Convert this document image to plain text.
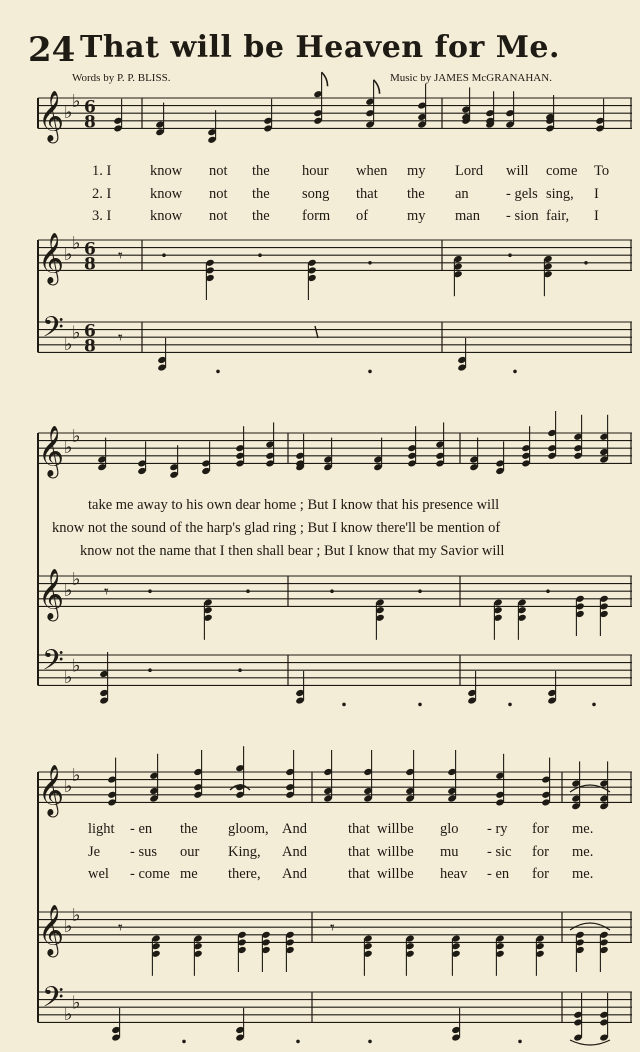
24 That will be Heaven for Me.
Words by P. P. BLISS.	Music by JAMES McGRANAHAN.
𝄞
𝄞
𝄢
♭
♭
♭
♭
♭
♭
6
8
6
8
6
8
𝄾
𝄾
𝄞
𝄞
𝄢
♭
♭
♭
♭
♭
♭
𝄾
𝄞
𝄞
𝄢
♭
♭
♭
♭
♭
♭
𝄾	𝄾
1. I	know not the hour when my Lord will come To
2. I	know not the song that the an	- gels sing, I
3. I	know not the form of	my man - sion fair, I
take me away to his own dear home ; But I know that his presence will
know not the sound of the harp's glad ring ; But I know there'll be mention of
know not the name that I then shall bear ; But I know that my Savior will
light - en the gloom, And	that will be glo - ry for me.
Je - sus our King, And	that will be mu - sic for me.
wel - come me there, And	that will be heav - en for me.
